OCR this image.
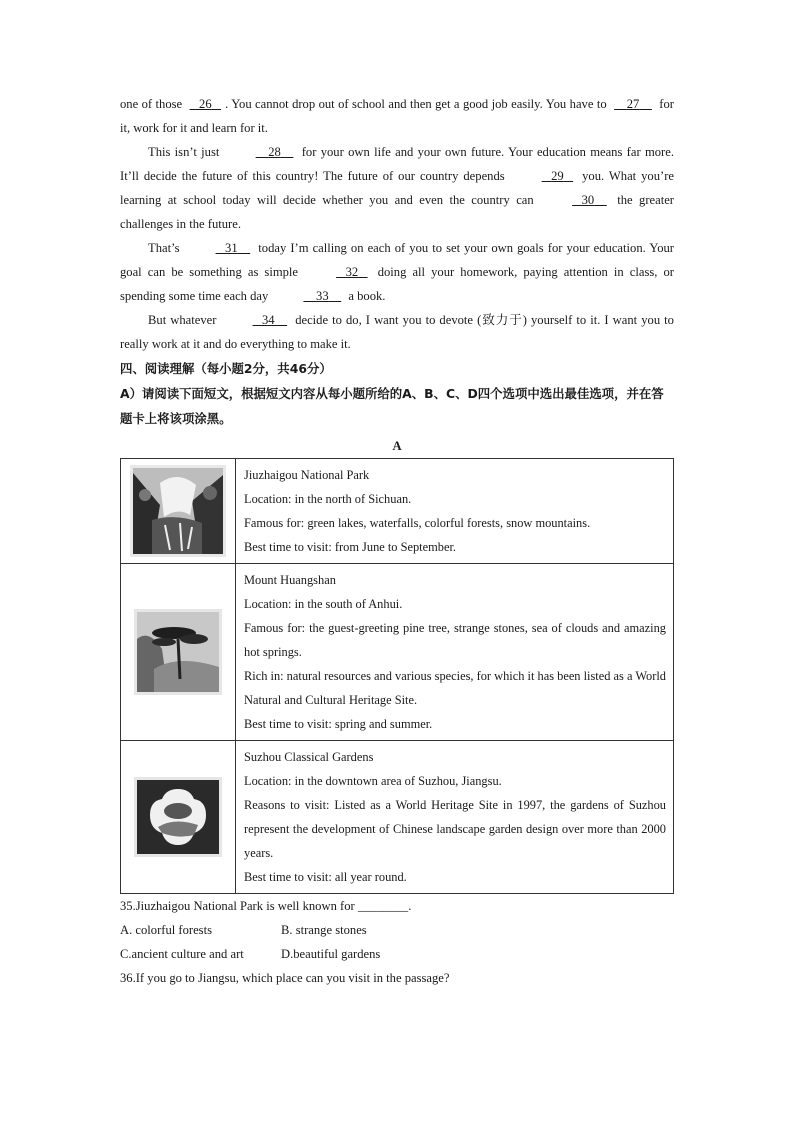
one of those    26 . You cannot drop out of school and then get a good job easily. You have to     27     for it, work for it and learn for it.

This isn’t just	28     for your own life and your own future. Your education means far more. It’ll decide the future of this country! The future of our country depends	29    you. What you’re learning at school today will decide whether you and even the country can	30     the greater challenges in the future.

That’s	31     today I’m calling on each of you to set your own goals for your education. Your goal can be something as simple	32    doing all your homework, paying attention in class, or spending some time each day	33     a book.

But whatever	34     decide to do, I want you to devote (致力于) yourself to it. I want you to really work at it and do everything to make it.

四、阅读理解（每小题2分，共46分）

A）请阅读下面短文，根据短文内容从每小题所给的A、B、C、D四个选项中选出最佳选项，并在答题卡上将该项涂黑。

A

Jiuzhaigou National Park
Location: in the north of Sichuan.
Famous for: green lakes, waterfalls, colorful forests, snow mountains.
Best time to visit: from June to September.

Mount Huangshan
Location: in the south of Anhui.
Famous for: the guest-greeting pine tree, strange stones, sea of clouds and amazing hot springs.
Rich in: natural resources and various species, for which it has been listed as a World Natural and Cultural Heritage Site.
Best time to visit: spring and summer.

Suzhou Classical Gardens
Location: in the downtown area of Suzhou, Jiangsu.
Reasons to visit: Listed as a World Heritage Site in 1997, the gardens of Suzhou represent the development of Chinese landscape garden design over more than 2000 years.
Best time to visit: all year round.

35.Jiuzhaigou National Park is well known for ________.

A. colorful forests	B. strange stones
C.ancient culture and art	D.beautiful gardens

36.If you go to Jiangsu, which place can you visit in the passage?
